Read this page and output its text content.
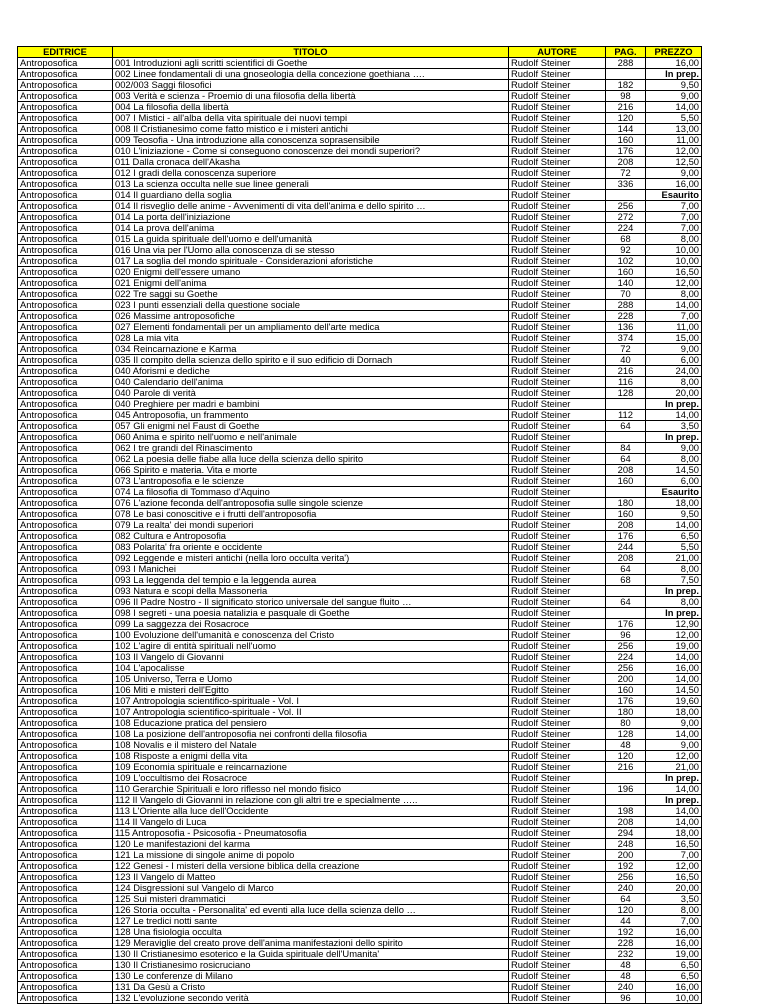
EDITRICE	TITOLO	AUTORE	PAG.	PREZZO
Antroposofica	001 Introduzioni agli scritti scientifici di Goethe	Rudolf Steiner	288	16,00
Antroposofica	002 Linee fondamentali di una gnoseologia della concezione goethiana ….	Rudolf Steiner		In prep.
Antroposofica	002/003 Saggi filosofici	Rudolf Steiner	182	9,50
Antroposofica	003 Verità e scienza - Proemio di una filosofia della libertà	Rudolf Steiner	98	9,00
Antroposofica	004 La filosofia della libertà	Rudolf Steiner	216	14,00
Antroposofica	007 I Mistici - all'alba della vita spirituale dei nuovi tempi	Rudolf Steiner	120	5,50
Antroposofica	008 Il Cristianesimo come fatto mistico e i misteri antichi	Rudolf Steiner	144	13,00
Antroposofica	009 Teosofia - Una introduzione alla conoscenza soprasensibile	Rudolf Steiner	160	11,00
Antroposofica	010 L'iniziazione - Come si conseguono conoscenze dei mondi superiori?	Rudolf Steiner	176	12,00
Antroposofica	011 Dalla cronaca dell'Akasha	Rudolf Steiner	208	12,50
Antroposofica	012 I gradi della conoscenza superiore	Rudolf Steiner	72	9,00
Antroposofica	013 La scienza occulta nelle sue linee generali	Rudolf Steiner	336	16,00
Antroposofica	014 Il guardiano della soglia	Rudolf Steiner		Esaurito
Antroposofica	014 Il risveglio delle anime - Avvenimenti di vita dell'anima e dello spirito …	Rudolf Steiner	256	7,00
Antroposofica	014 La porta dell'iniziazione	Rudolf Steiner	272	7,00
Antroposofica	014 La prova dell'anima	Rudolf Steiner	224	7,00
Antroposofica	015 La guida spirituale dell'uomo e dell'umanità	Rudolf Steiner	68	8,00
Antroposofica	016 Una via per l'Uomo alla conoscenza di se stesso	Rudolf Steiner	92	10,00
Antroposofica	017 La soglia del mondo spirituale - Considerazioni aforistiche	Rudolf Steiner	102	10,00
Antroposofica	020 Enigmi dell'essere umano	Rudolf Steiner	160	16,50
Antroposofica	021 Enigmi dell'anima	Rudolf Steiner	140	12,00
Antroposofica	022 Tre saggi su Goethe	Rudolf Steiner	70	8,00
Antroposofica	023 I punti essenziali della questione sociale	Rudolf Steiner	288	14,00
Antroposofica	026 Massime antroposofiche	Rudolf Steiner	228	7,00
Antroposofica	027 Elementi fondamentali per un ampliamento dell'arte medica	Rudolf Steiner	136	11,00
Antroposofica	028 La mia vita	Rudolf Steiner	374	15,00
Antroposofica	034 Reincarnazione e Karma	Rudolf Steiner	72	9,00
Antroposofica	035 Il compito della scienza dello spirito e il suo edificio di Dornach	Rudolf Steiner	40	6,00
Antroposofica	040 Aforismi e dediche	Rudolf Steiner	216	24,00
Antroposofica	040 Calendario dell'anima	Rudolf Steiner	116	8,00
Antroposofica	040 Parole di verità	Rudolf Steiner	128	20,00
Antroposofica	040 Preghiere per madri e bambini	Rudolf Steiner		In prep.
Antroposofica	045 Antroposofia, un frammento	Rudolf Steiner	112	14,00
Antroposofica	057 Gli enigmi nel Faust di Goethe	Rudolf Steiner	64	3,50
Antroposofica	060 Anima e spirito nell'uomo e nell'animale	Rudolf Steiner		In prep.
Antroposofica	062 I tre grandi del Rinascimento	Rudolf Steiner	84	9,00
Antroposofica	062 La poesia delle fiabe alla luce della scienza dello spirito	Rudolf Steiner	64	8,00
Antroposofica	066 Spirito e materia. Vita e morte	Rudolf Steiner	208	14,50
Antroposofica	073 L'antroposofia e le scienze	Rudolf Steiner	160	6,00
Antroposofica	074 La filosofia di Tommaso d'Aquino	Rudolf Steiner		Esaurito
Antroposofica	076 L'azione feconda dell'antroposofia sulle singole scienze	Rudolf Steiner	180	18,00
Antroposofica	078 Le basi conoscitive e i frutti dell'antroposofia	Rudolf Steiner	160	9,50
Antroposofica	079 La realta' dei mondi superiori	Rudolf Steiner	208	14,00
Antroposofica	082 Cultura e Antroposofia	Rudolf Steiner	176	6,50
Antroposofica	083 Polarita' fra oriente e occidente	Rudolf Steiner	244	5,50
Antroposofica	092 Leggende e misteri antichi (nella loro occulta verita')	Rudolf Steiner	208	21,00
Antroposofica	093 I Manichei	Rudolf Steiner	64	8,00
Antroposofica	093 La leggenda del tempio e la leggenda aurea	Rudolf Steiner	68	7,50
Antroposofica	093 Natura e scopi della Massoneria	Rudolf Steiner		In prep.
Antroposofica	096 Il Padre Nostro - Il significato storico universale del sangue fluito …	Rudolf Steiner	64	8,00
Antroposofica	098 I segreti - una poesia natalizia e pasquale di Goethe	Rudolf Steiner		In prep.
Antroposofica	099 La saggezza dei Rosacroce	Rudolf Steiner	176	12,90
Antroposofica	100 Evoluzione dell'umanità e conoscenza del Cristo	Rudolf Steiner	96	12,00
Antroposofica	102 L'agire di entità spirituali nell'uomo	Rudolf Steiner	256	19,00
Antroposofica	103 Il Vangelo di Giovanni	Rudolf Steiner	224	14,00
Antroposofica	104 L'apocalisse	Rudolf Steiner	256	16,00
Antroposofica	105 Universo, Terra e Uomo	Rudolf Steiner	200	14,00
Antroposofica	106 Miti e misteri dell'Egitto	Rudolf Steiner	160	14,50
Antroposofica	107 Antropologia scientifico-spirituale - Vol. I	Rudolf Steiner	176	19,60
Antroposofica	107 Antropologia scientifico-spirituale - Vol. II	Rudolf Steiner	180	18,00
Antroposofica	108 Educazione pratica del pensiero	Rudolf Steiner	80	9,00
Antroposofica	108 La posizione dell'antroposofia nei confronti della filosofia	Rudolf Steiner	128	14,00
Antroposofica	108 Novalis e il mistero del Natale	Rudolf Steiner	48	9,00
Antroposofica	108 Risposte a enigmi della vita	Rudolf Steiner	120	12,00
Antroposofica	109 Economia spirituale e reincarnazione	Rudolf Steiner	216	21,00
Antroposofica	109 L'occultismo dei Rosacroce	Rudolf Steiner		In prep.
Antroposofica	110 Gerarchie Spirituali e loro riflesso nel mondo fisico	Rudolf Steiner	196	14,00
Antroposofica	112 Il Vangelo di Giovanni in relazione con gli altri tre e specialmente …..	Rudolf Steiner		In prep.
Antroposofica	113 L'Oriente alla luce dell'Occidente	Rudolf Steiner	198	14,00
Antroposofica	114 Il Vangelo di Luca	Rudolf Steiner	208	14,00
Antroposofica	115 Antroposofia - Psicosofia - Pneumatosofia	Rudolf Steiner	294	18,00
Antroposofica	120 Le manifestazioni del karma	Rudolf Steiner	248	16,50
Antroposofica	121 La missione di singole anime di popolo	Rudolf Steiner	200	7,00
Antroposofica	122 Genesi - I misteri della versione biblica della creazione	Rudolf Steiner	192	12,00
Antroposofica	123 Il Vangelo di Matteo	Rudolf Steiner	256	16,50
Antroposofica	124 Disgressioni sul Vangelo di Marco	Rudolf Steiner	240	20,00
Antroposofica	125 Sui misteri drammatici	Rudolf Steiner	64	3,50
Antroposofica	126 Storia occulta - Personalita' ed eventi alla luce della scienza dello …	Rudolf Steiner	120	8,00
Antroposofica	127 Le tredici notti sante	Rudolf Steiner	44	7,00
Antroposofica	128 Una fisiologia occulta	Rudolf Steiner	192	16,00
Antroposofica	129 Meraviglie del creato prove dell'anima manifestazioni dello spirito	Rudolf Steiner	228	16,00
Antroposofica	130 Il Cristianesimo esoterico e la Guida spirituale dell'Umanita'	Rudolf Steiner	232	19,00
Antroposofica	130 Il Cristianesimo rosicruciano	Rudolf Steiner	48	6,50
Antroposofica	130 Le conferenze di Milano	Rudolf Steiner	48	6,50
Antroposofica	131 Da Gesù a Cristo	Rudolf Steiner	240	16,00
Antroposofica	132 L'evoluzione secondo verità	Rudolf Steiner	96	10,00
